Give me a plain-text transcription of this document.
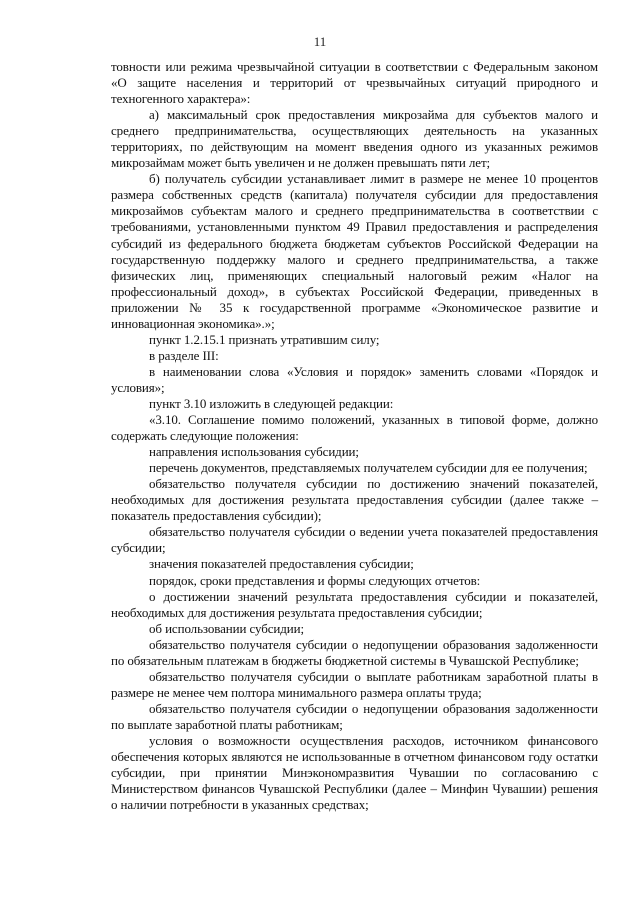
11

товности или режима чрезвычайной ситуации в соответствии с Федеральным законом «О защите населения и территорий от чрезвычайных ситуаций природного и техногенного характера»:

а) максимальный срок предоставления микрозайма для субъектов малого и среднего предпринимательства, осуществляющих деятельность на указанных территориях, по действующим на момент введения одного из указанных режимов микрозаймам может быть увеличен и не должен превышать пяти лет;

б) получатель субсидии устанавливает лимит в размере не менее 10 процентов размера собственных средств (капитала) получателя субсидии для предоставления микрозаймов субъектам малого и среднего предпринимательства в соответствии с требованиями, установленными пунктом 49 Правил предоставления и распределения субсидий из федерального бюджета бюджетам субъектов Российской Федерации на государственную поддержку малого и среднего предпринимательства, а также физических лиц, применяющих специальный налоговый режим «Налог на профессиональный доход», в субъектах Российской Федерации, приведенных в приложении № 35 к государственной программе «Экономическое развитие и инновационная экономика».»;

пункт 1.2.15.1 признать утратившим силу;

в разделе III:

в наименовании слова «Условия и порядок» заменить словами «Порядок и условия»;

пункт 3.10 изложить в следующей редакции:

«3.10. Соглашение помимо положений, указанных в типовой форме, должно содержать следующие положения:

направления использования субсидии;

перечень документов, представляемых получателем субсидии для ее получения;

обязательство получателя субсидии по достижению значений показателей, необходимых для достижения результата предоставления субсидии (далее также – показатель предоставления субсидии);

обязательство получателя субсидии о ведении учета показателей предоставления субсидии;

значения показателей предоставления субсидии;

порядок, сроки представления и формы следующих отчетов:

о достижении значений результата предоставления субсидии и показателей, необходимых для достижения результата предоставления субсидии;

об использовании субсидии;

обязательство получателя субсидии о недопущении образования задолженности по обязательным платежам в бюджеты бюджетной системы в Чувашской Республике;

обязательство получателя субсидии о выплате работникам заработной платы в размере не менее чем полтора минимального размера оплаты труда;

обязательство получателя субсидии о недопущении образования задолженности по выплате заработной платы работникам;

условия о возможности осуществления расходов, источником финансового обеспечения которых являются не использованные в отчетном финансовом году остатки субсидии, при принятии Минэкономразвития Чувашии по согласованию с Министерством финансов Чувашской Республики (далее – Минфин Чувашии) решения о наличии потребности в указанных средствах;
